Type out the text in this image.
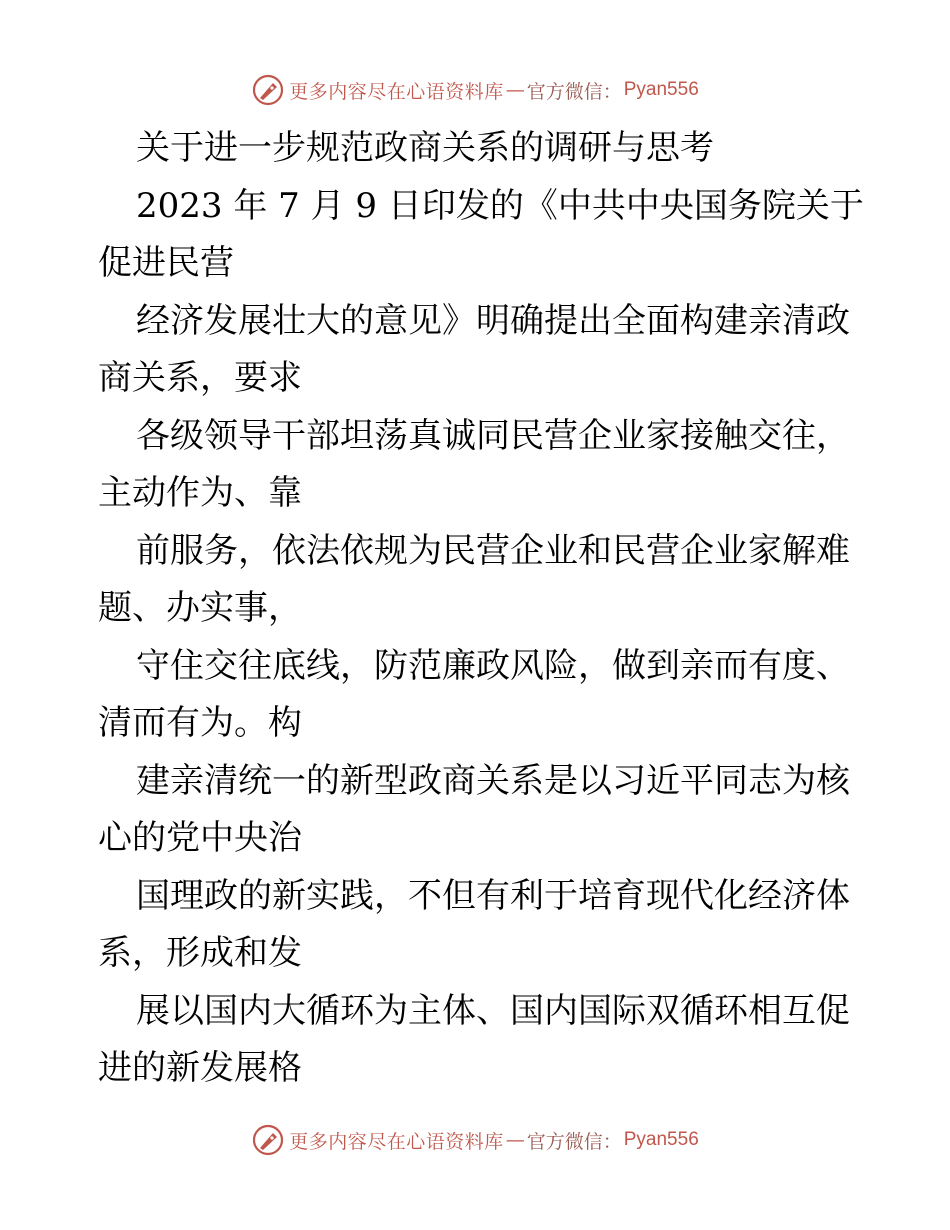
更多内容尽在心语资料库 — 官方微信： Pyan556
关于进一步规范政商关系的调研与思考
2023 年 7 月 9 日印发的《中共中央国务院关于
促进民营
经济发展壮大的意见》明确提出全面构建亲清政
商关系，要求
各级领导干部坦荡真诚同民营企业家接触交往，
主动作为、靠
前服务，依法依规为民营企业和民营企业家解难
题、办实事，
守住交往底线，防范廉政风险，做到亲而有度、
清而有为。构
建亲清统一的新型政商关系是以习近平同志为核
心的党中央治
国理政的新实践，不但有利于培育现代化经济体
系，形成和发
展以国内大循环为主体、国内国际双循环相互促
进的新发展格
更多内容尽在心语资料库 — 官方微信： Pyan556
